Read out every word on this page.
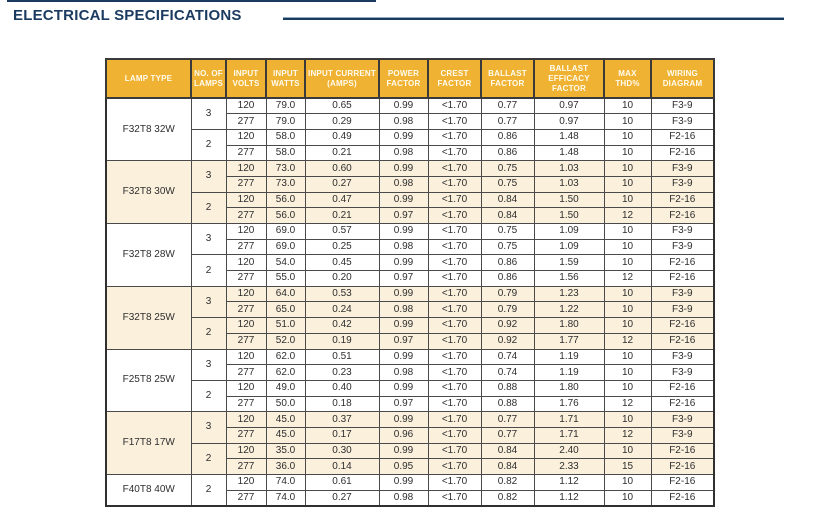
ELECTRICAL SPECIFICATIONS
LAMP TYPE	NO. OF LAMPS	INPUT VOLTS	INPUT WATTS	INPUT CURRENT (AMPS)	POWER FACTOR	CREST FACTOR	BALLAST FACTOR	BALLAST EFFICACY FACTOR	MAX THD%	WIRING DIAGRAM
F32T8 32W	3	120	79.0	0.65	0.99	<1.70	0.77	0.97	10	F3-9
		277	79.0	0.29	0.98	<1.70	0.77	0.97	10	F3-9
	2	120	58.0	0.49	0.99	<1.70	0.86	1.48	10	F2-16
		277	58.0	0.21	0.98	<1.70	0.86	1.48	10	F2-16
F32T8 30W	3	120	73.0	0.60	0.99	<1.70	0.75	1.03	10	F3-9
		277	73.0	0.27	0.98	<1.70	0.75	1.03	10	F3-9
	2	120	56.0	0.47	0.99	<1.70	0.84	1.50	10	F2-16
		277	56.0	0.21	0.97	<1.70	0.84	1.50	12	F2-16
F32T8 28W	3	120	69.0	0.57	0.99	<1.70	0.75	1.09	10	F3-9
		277	69.0	0.25	0.98	<1.70	0.75	1.09	10	F3-9
	2	120	54.0	0.45	0.99	<1.70	0.86	1.59	10	F2-16
		277	55.0	0.20	0.97	<1.70	0.86	1.56	12	F2-16
F32T8 25W	3	120	64.0	0.53	0.99	<1.70	0.79	1.23	10	F3-9
		277	65.0	0.24	0.98	<1.70	0.79	1.22	10	F3-9
	2	120	51.0	0.42	0.99	<1.70	0.92	1.80	10	F2-16
		277	52.0	0.19	0.97	<1.70	0.92	1.77	12	F2-16
F25T8 25W	3	120	62.0	0.51	0.99	<1.70	0.74	1.19	10	F3-9
		277	62.0	0.23	0.98	<1.70	0.74	1.19	10	F3-9
	2	120	49.0	0.40	0.99	<1.70	0.88	1.80	10	F2-16
		277	50.0	0.18	0.97	<1.70	0.88	1.76	12	F2-16
F17T8 17W	3	120	45.0	0.37	0.99	<1.70	0.77	1.71	10	F3-9
		277	45.0	0.17	0.96	<1.70	0.77	1.71	12	F3-9
	2	120	35.0	0.30	0.99	<1.70	0.84	2.40	10	F2-16
		277	36.0	0.14	0.95	<1.70	0.84	2.33	15	F2-16
F40T8 40W	2	120	74.0	0.61	0.99	<1.70	0.82	1.12	10	F2-16
		277	74.0	0.27	0.98	<1.70	0.82	1.12	10	F2-16
